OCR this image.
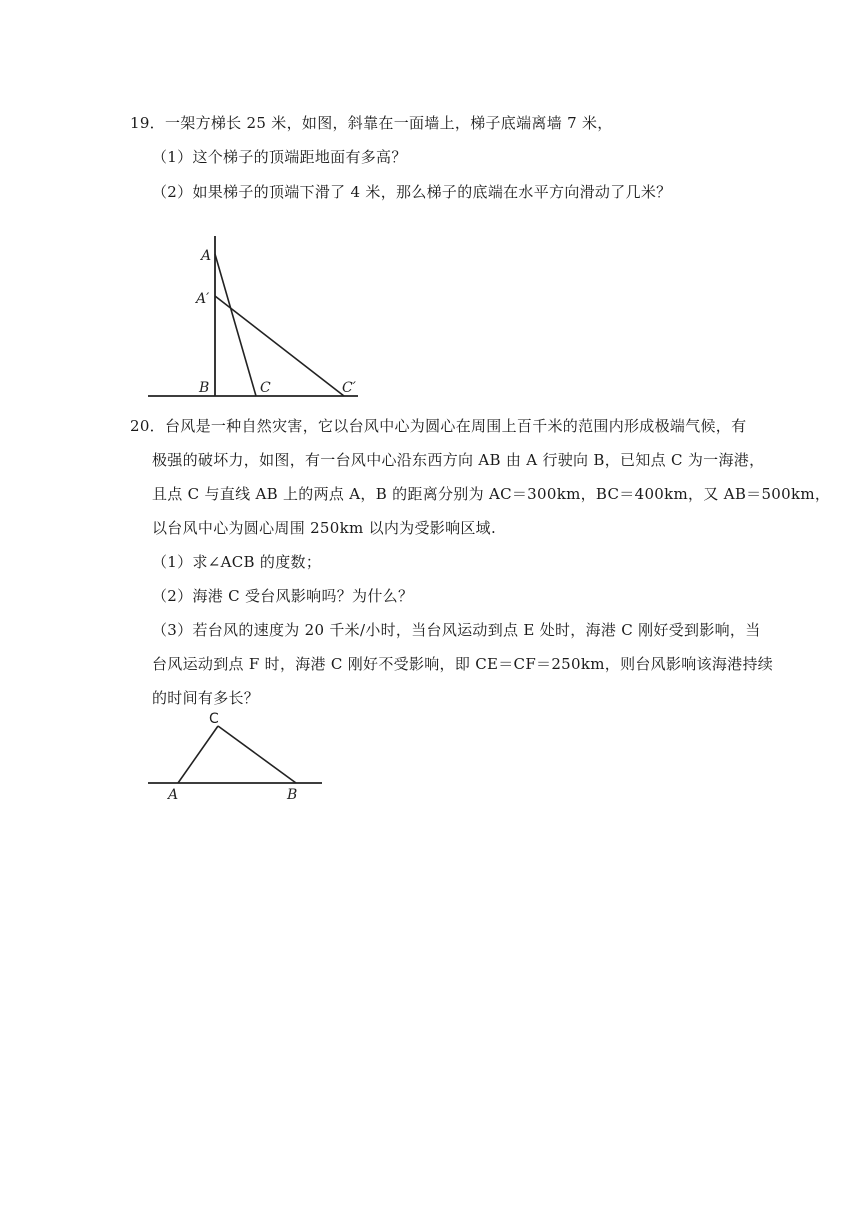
19．一架方梯长 25 米，如图，斜靠在一面墙上，梯子底端离墙 7 米，
（1）这个梯子的顶端距地面有多高？
（2）如果梯子的顶端下滑了 4 米，那么梯子的底端在水平方向滑动了几米？
A
A′
B	C	C′
20．台风是一种自然灾害，它以台风中心为圆心在周围上百千米的范围内形成极端气候，有
极强的破坏力，如图，有一台风中心沿东西方向 AB 由 A 行驶向 B，已知点 C 为一海港，
且点 C 与直线 AB 上的两点 A，B 的距离分别为 AC＝300km，BC＝400km，又 AB＝500km，
以台风中心为圆心周围 250km 以内为受影响区域.
（1）求∠ACB 的度数；
（2）海港 C 受台风影响吗？为什么？
（3）若台风的速度为 20 千米/小时，当台风运动到点 E 处时，海港 C 刚好受到影响，当
台风运动到点 F 时，海港 C 刚好不受影响，即 CE＝CF＝250km，则台风影响该海港持续
的时间有多长？
C
A	B
